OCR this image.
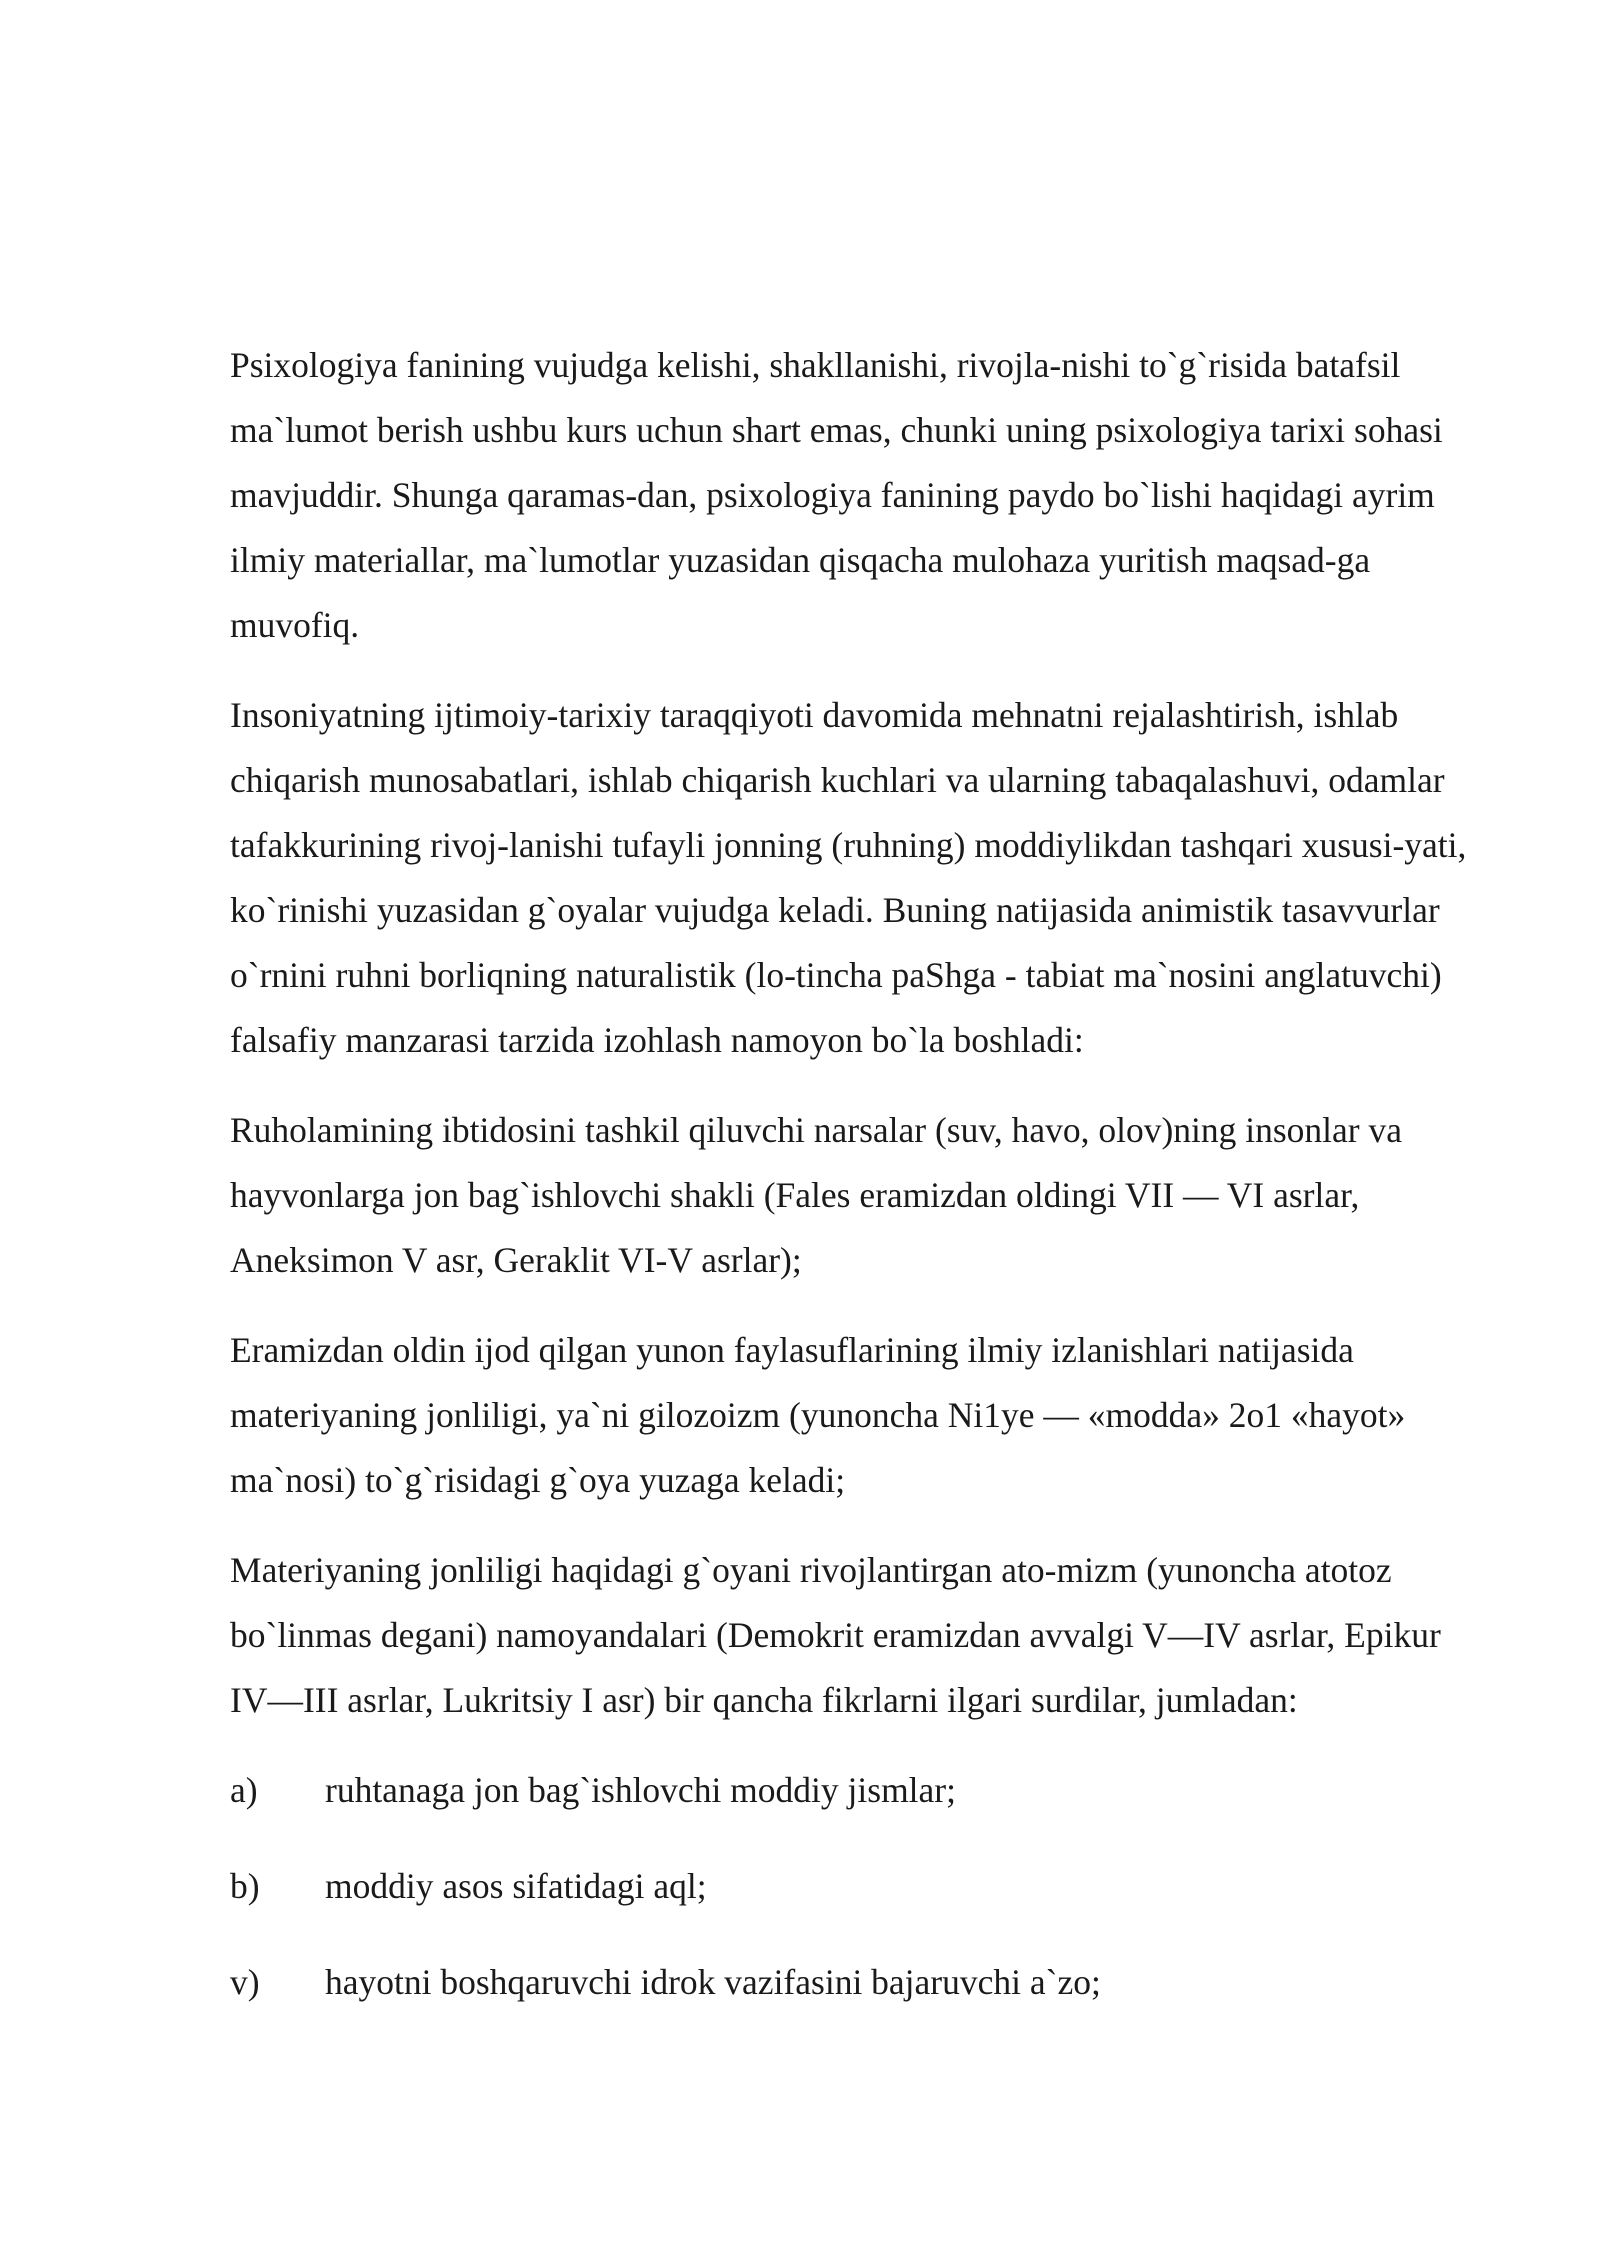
Psixologiya fanining vujudga kelishi, shakllanishi, rivojla-nishi to`g`risida batafsil ma`lumot berish ushbu kurs uchun shart emas, chunki uning psixologiya tarixi sohasi mavjuddir. Shunga qaramas-dan, psixologiya fanining paydo bo`lishi haqidagi ayrim ilmiy materiallar, ma`lumotlar yuzasidan qisqacha mulohaza yuritish maqsad-ga muvofiq.

Insoniyatning ijtimoiy-tarixiy taraqqiyoti davomida mehnatni rejalashtirish, ishlab chiqarish munosabatlari, ishlab chiqarish kuchlari va ularning tabaqalashuvi, odamlar tafakkurining rivoj-lanishi tufayli jonning (ruhning) moddiylikdan tashqari xususi-yati, ko`rinishi yuzasidan g`oyalar vujudga keladi. Buning natijasida animistik tasavvurlar o`rnini ruhni borliqning naturalistik (lo-tincha paShga - tabiat ma`nosini anglatuvchi) falsafiy manzarasi tarzida izohlash namoyon bo`la boshladi:

Ruholamining ibtidosini tashkil qiluvchi narsalar (suv, havo, olov)ning insonlar va hayvonlarga jon bag`ishlovchi shakli (Fales eramizdan oldingi VII — VI asrlar, Aneksimon V asr, Geraklit VI-V asrlar);

Eramizdan oldin ijod qilgan yunon faylasuflarining ilmiy izlanishlari natijasida materiyaning jonliligi, ya`ni gilozoizm (yunoncha Ni1ye — «modda» 2o1 «hayot» ma`nosi) to`g`risidagi g`oya yuzaga keladi;

Materiyaning jonliligi haqidagi g`oyani rivojlantirgan ato-mizm (yunoncha atotoz bo`linmas degani) namoyandalari (Demokrit eramizdan avvalgi V—IV asrlar, Epikur IV—III asrlar, Lukritsiy I asr) bir qancha fikrlarni ilgari surdilar, jumladan:

a)	ruhtanaga jon bag`ishlovchi moddiy jismlar;
b)	moddiy asos sifatidagi aql;
v)	hayotni boshqaruvchi idrok vazifasini bajaruvchi a`zo;
